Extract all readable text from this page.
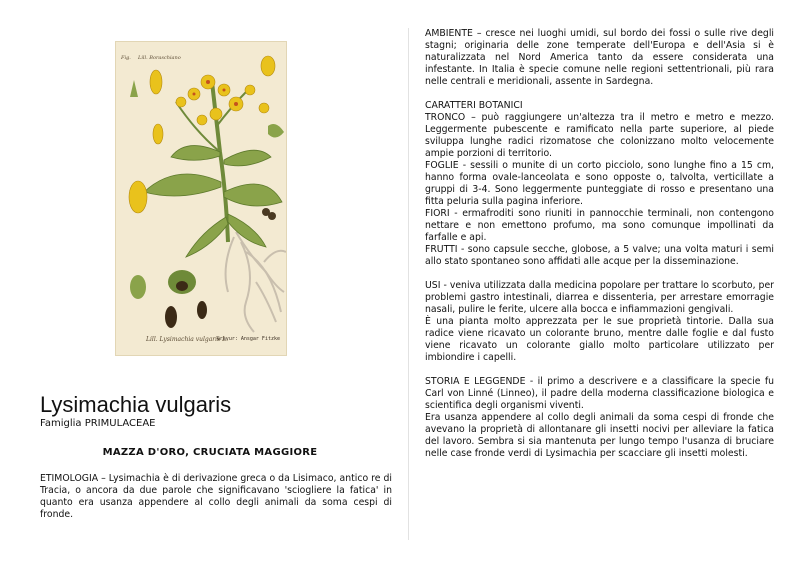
Fig. Lill. Boraschiano
Lill. Lysimachia vulgaris L.
Gravur: Ansgar Fitzke
Lysimachia vulgaris
Famiglia PRIMULACEAE
MAZZA D'ORO, CRUCIATA MAGGIORE
ETIMOLOGIA – Lysimachia è di derivazione greca o da Lisimaco, antico re di Tracia, o ancora da due parole che significavano 'sciogliere la fatica' in quanto era usanza appendere al collo degli animali da soma cespi di fronde.

AMBIENTE – cresce nei luoghi umidi, sul bordo dei fossi o sulle rive degli stagni; originaria delle zone temperate dell'Europa e dell'Asia si è naturalizzata nel Nord America tanto da essere considerata una infestante. In Italia è specie comune nelle regioni settentrionali, più rara nelle centrali e meridionali, assente in Sardegna.

CARATTERI BOTANICI

TRONCO – può raggiungere un'altezza tra il metro e metro e mezzo. Leggermente pubescente e ramificato nella parte superiore, al piede sviluppa lunghe radici rizomatose che colonizzano molto velocemente ampie porzioni di territorio.

FOGLIE - sessili o munite di un corto picciolo, sono lunghe fino a 15 cm, hanno forma ovale-lanceolata e sono opposte o, talvolta, verticillate a gruppi di 3-4. Sono leggermente punteggiate di rosso e presentano una fitta peluria sulla pagina inferiore.

FIORI - ermafroditi sono riuniti in pannocchie terminali, non contengono nettare e non emettono profumo, ma sono comunque impollinati da farfalle e api.

FRUTTI - sono capsule secche, globose, a 5 valve; una volta maturi i semi allo stato spontaneo sono affidati alle acque per la disseminazione.

USI - veniva utilizzata dalla medicina popolare per trattare lo scorbuto, per problemi gastro intestinali, diarrea e dissenteria, per arrestare emorragie nasali, pulire le ferite, ulcere alla bocca e infiammazioni gengivali.

È una pianta molto apprezzata per le sue proprietà tintorie. Dalla sua radice viene ricavato un colorante bruno, mentre dalle foglie e dal fusto viene ricavato un colorante giallo molto particolare utilizzato per imbiondire i capelli.

STORIA E LEGGENDE - il primo a descrivere e a classificare la specie fu Carl von Linné (Linneo), il padre della moderna classificazione biologica e scientifica degli organismi viventi.

Era usanza appendere al collo degli animali da soma cespi di fronde che avevano la proprietà di allontanare gli insetti nocivi per alleviare la fatica del lavoro. Sembra si sia mantenuta per lungo tempo l'usanza di bruciare nelle case fronde verdi di Lysimachia per scacciare gli insetti molesti.
